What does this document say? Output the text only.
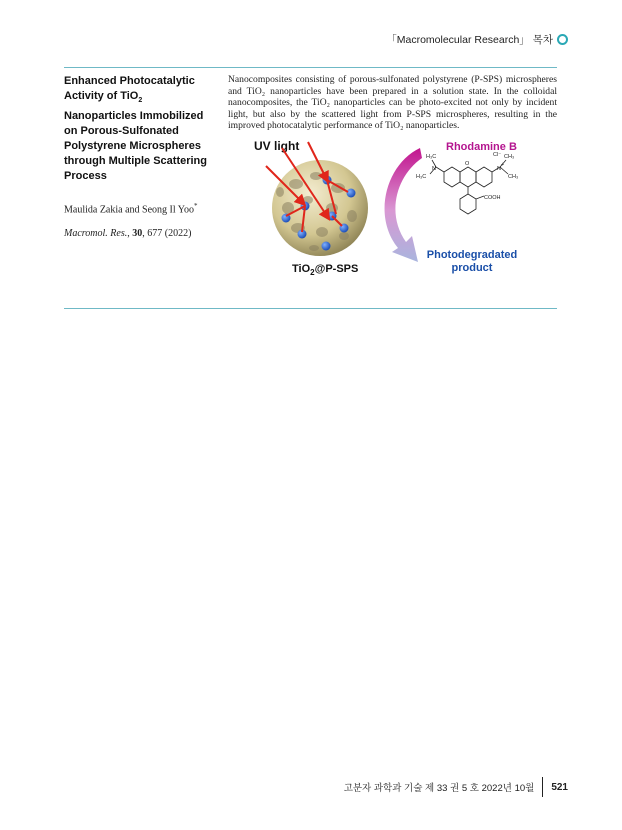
「Macromolecular Research」 목차

Enhanced Photocatalytic Activity of TiO$_2$ Nanoparticles Immobilized on Porous-Sulfonated Polystyrene Microspheres through Multiple Scattering Process

Maulida Zakia and Seong Il Yoo*
Macromol. Res., 30, 677 (2022)

Nanocomposites consisting of porous-sulfonated polystyrene (P-SPS) microspheres and TiO₂ nanoparticles have been prepared in a solution state. In the colloidal nanocomposites, the TiO₂ nanoparticles can be photo-excited not only by incident light, but also by the scattered light from P-SPS microspheres, resulting in the improved photocatalytic performance of TiO₂ nanoparticles.

UV light
TiO$_2$@P-SPS
Rhodamine B
H₃C	Cl⁻ CH₃
N
O
N
+
H₃C	CH₃
COOH
Photodegradated
product
고분자 과학과 기술 제 33 권 5 호 2022년 10월 521
